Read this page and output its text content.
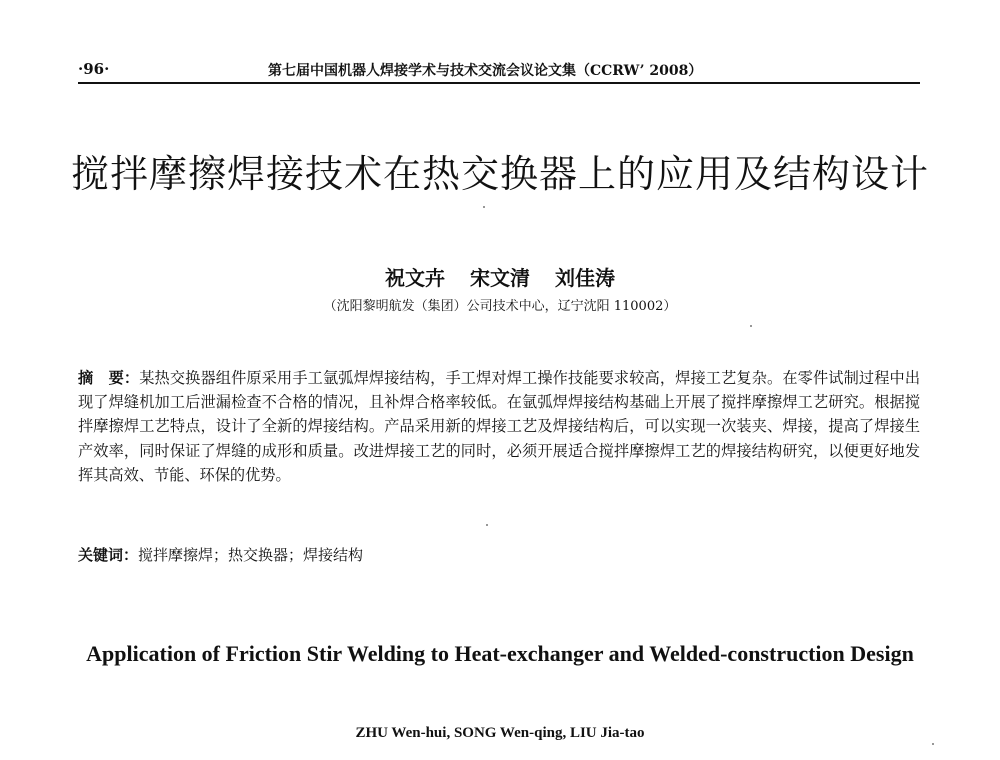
·96·	第七届中国机器人焊接学术与技术交流会议论文集（CCRW’ 2008）
搅拌摩擦焊接技术在热交换器上的应用及结构设计
祝文卉 宋文清 刘佳涛
（沈阳黎明航发（集团）公司技术中心，辽宁沈阳 110002）
摘　要：某热交换器组件原采用手工氩弧焊焊接结构，手工焊对焊工操作技能要求较高，焊接工艺复杂。在零件试制过程中出现了焊缝机加工后泄漏检查不合格的情况，且补焊合格率较低。在氩弧焊焊接结构基础上开展了搅拌摩擦焊工艺研究。根据搅拌摩擦焊工艺特点，设计了全新的焊接结构。产品采用新的焊接工艺及焊接结构后，可以实现一次装夹、焊接，提高了焊接生产效率，同时保证了焊缝的成形和质量。改进焊接工艺的同时，必须开展适合搅拌摩擦焊工艺的焊接结构研究，以便更好地发挥其高效、节能、环保的优势。
关键词：搅拌摩擦焊；热交换器；焊接结构
Application of Friction Stir Welding to Heat-exchanger and Welded-construction Design
ZHU Wen-hui, SONG Wen-qing, LIU Jia-tao
